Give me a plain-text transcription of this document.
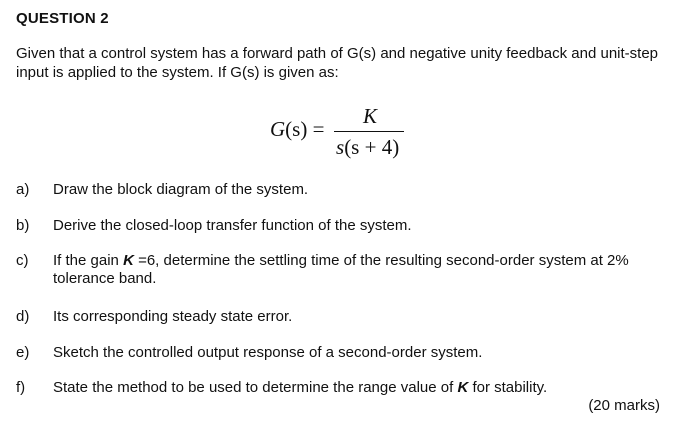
QUESTION 2
Given that a control system has a forward path of G(s) and negative unity feedback and unit-step input is applied to the system. If G(s) is given as:
G(s) =
K
s(s + 4)
a)	Draw the block diagram of the system.
b)	Derive the closed-loop transfer function of the system.
c)	If the gain K =6, determine the settling time of the resulting second-order system at 2% tolerance band.
d)	Its corresponding steady state error.
e)	Sketch the controlled output response of a second-order system.
f)	State the method to be used to determine the range value of K for stability.
(20 marks)
